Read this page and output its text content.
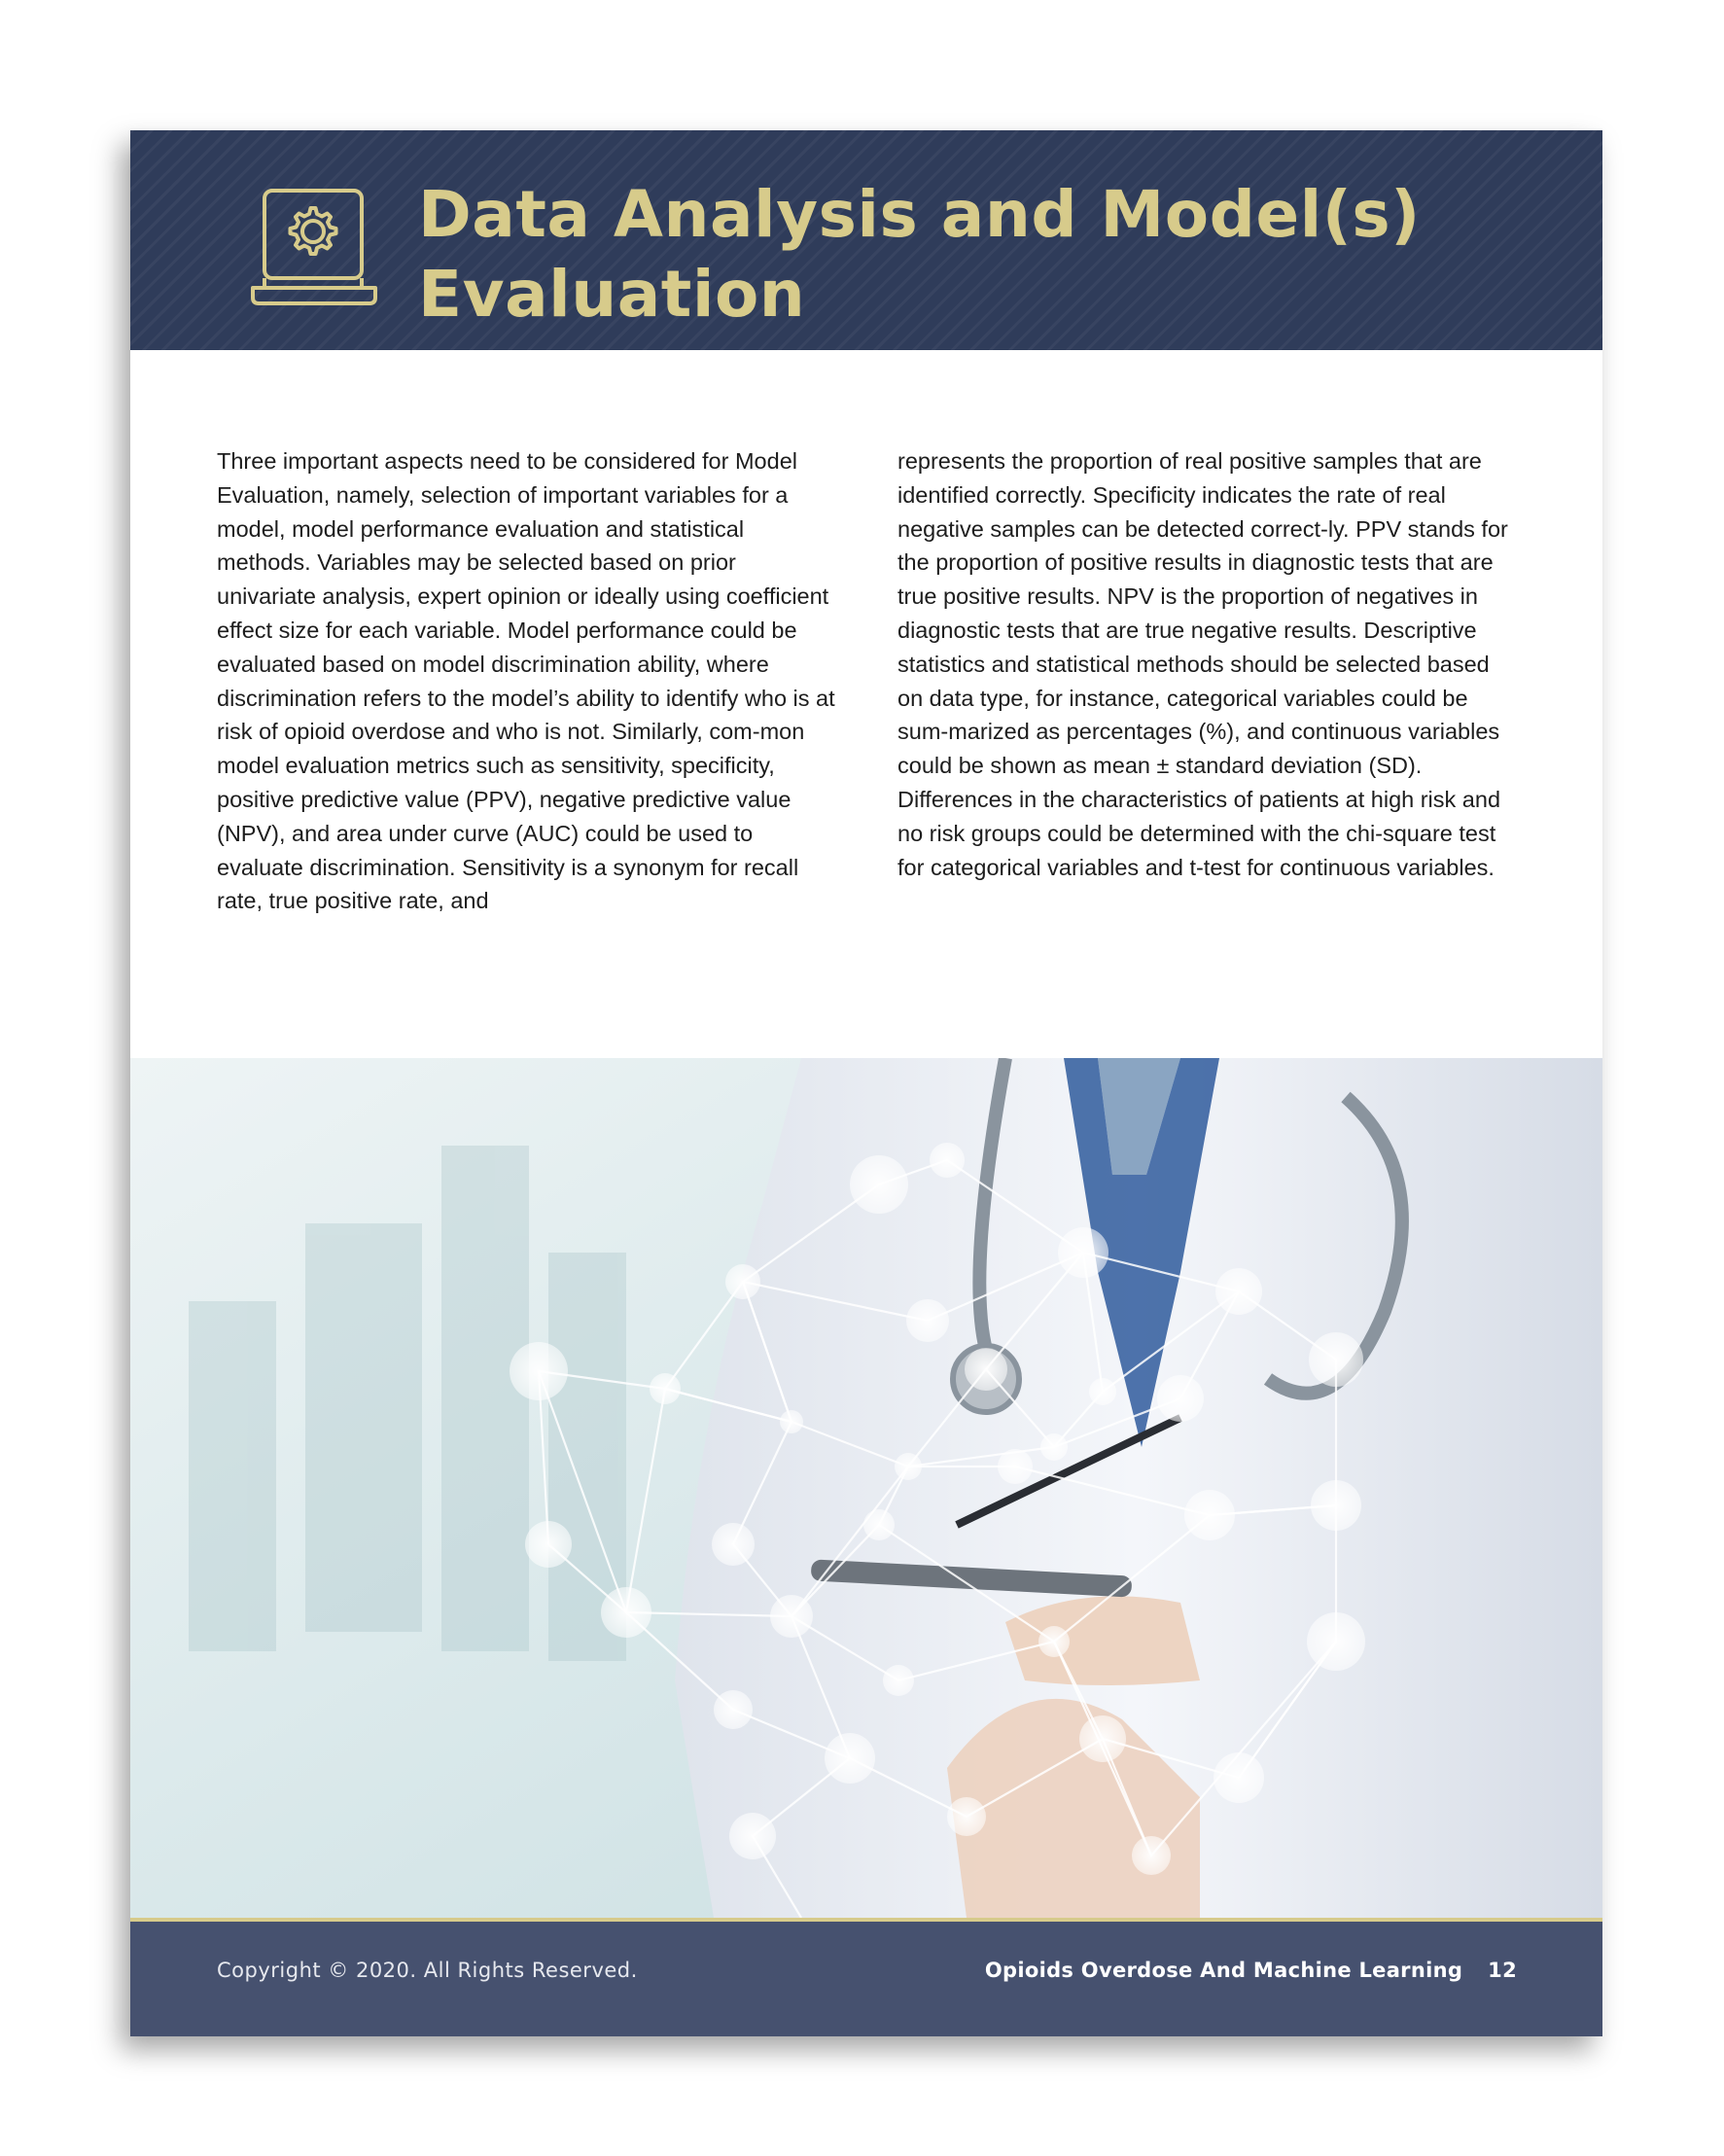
Data Analysis and Model(s) Evaluation

Three important aspects need to be considered for Model Evaluation, namely, selection of important variables for a model, model performance evaluation and statistical methods. Variables may be selected based on prior univariate analysis, expert opinion or ideally using coefficient effect size for each variable. Model performance could be evaluated based on model discrimination ability, where discrimination refers to the model’s ability to identify who is at risk of opioid overdose and who is not. Similarly, com-mon model evaluation metrics such as sensitivity, specificity, positive predictive value (PPV), negative predictive value (NPV), and area under curve (AUC) could be used to evaluate discrimination. Sensitivity is a synonym for recall rate, true positive rate, and

represents the proportion of real positive samples that are identified correctly. Specificity indicates the rate of real negative samples can be detected correct-ly. PPV stands for the proportion of positive results in diagnostic tests that are true positive results. NPV is the proportion of negatives in diagnostic tests that are true negative results. Descriptive statistics and statistical methods should be selected based on data type, for instance, categorical variables could be sum-marized as percentages (%), and continuous variables could be shown as mean ± standard deviation (SD). Differences in the characteristics of patients at high risk and no risk groups could be determined with the chi-square test for categorical variables and t-test for continuous variables.

Copyright © 2020. All Rights Reserved.	Opioids Overdose And Machine Learning 12
